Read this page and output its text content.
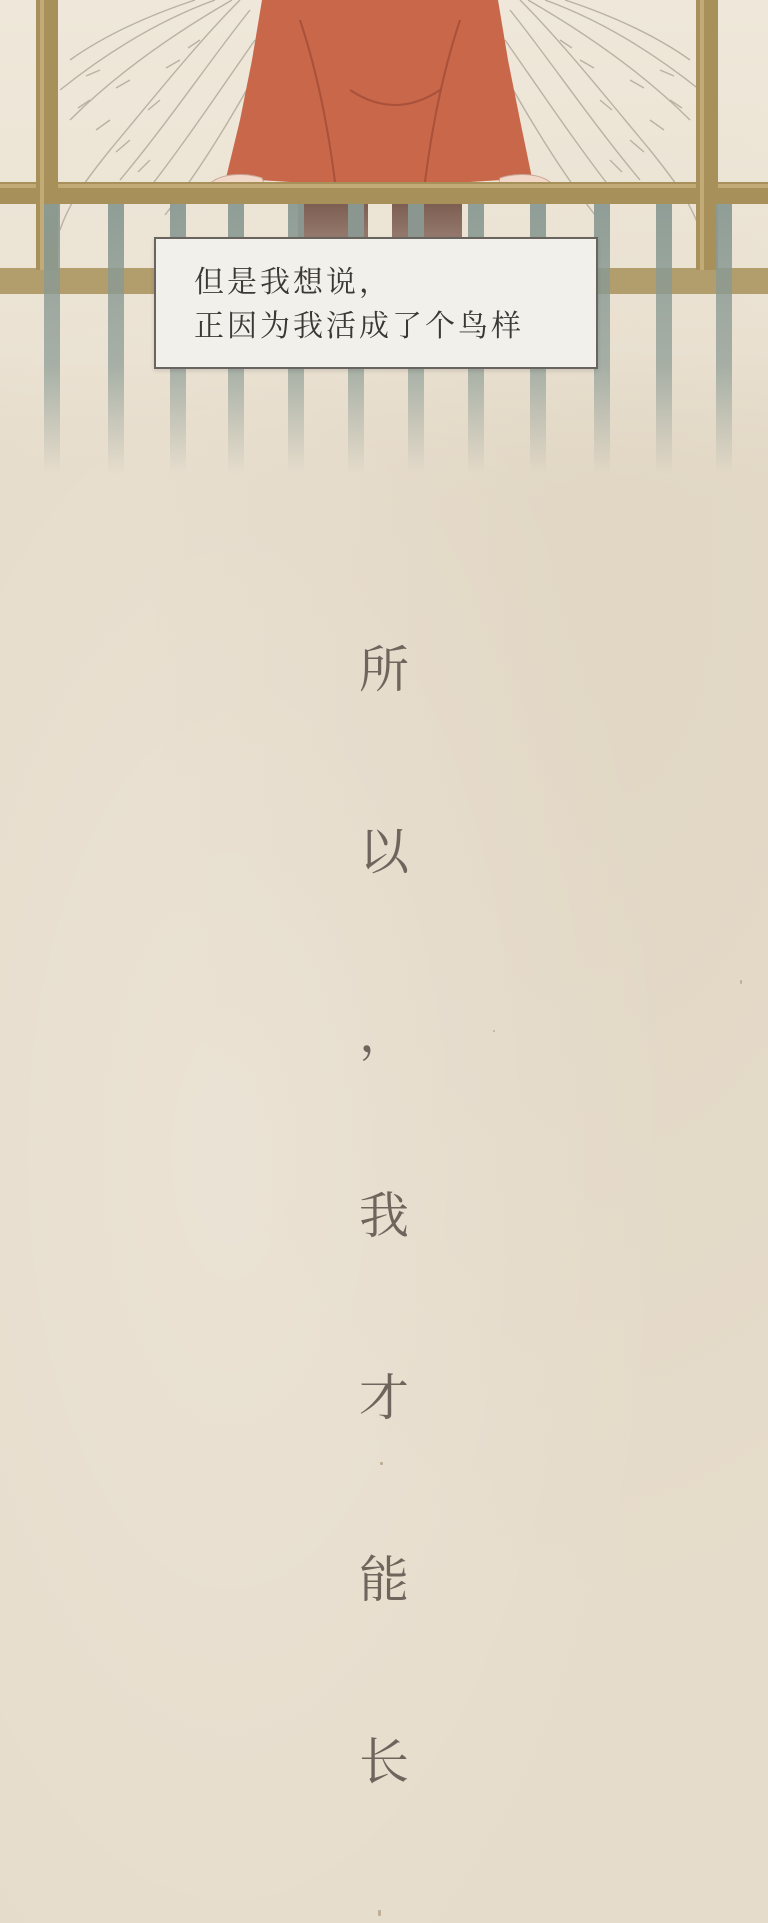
但是我想说，
正因为我活成了个鸟样
所
以
，
我
才
能
长
